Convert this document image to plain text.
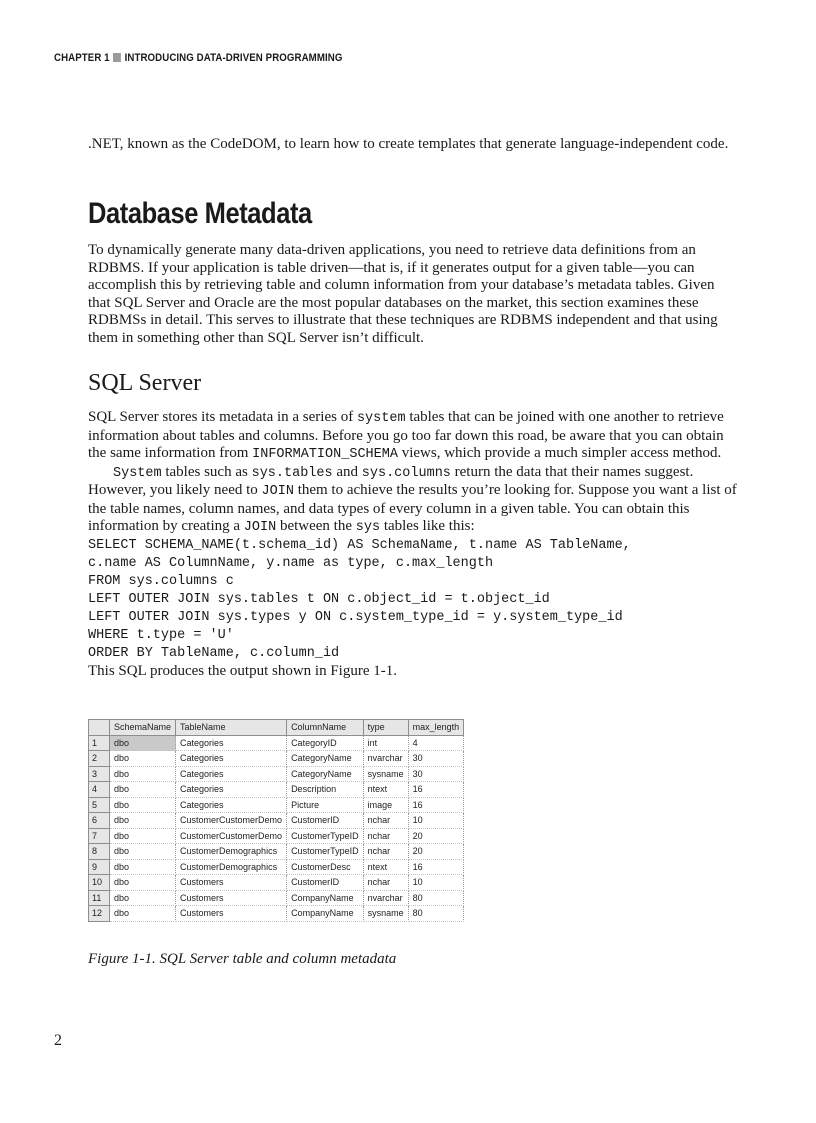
CHAPTER 1 INTRODUCING DATA-DRIVEN PROGRAMMING

.NET, known as the CodeDOM, to learn how to create templates that generate language-independent code.

Database Metadata

To dynamically generate many data-driven applications, you need to retrieve data definitions from an RDBMS. If your application is table driven—that is, if it generates output for a given table—you can accomplish this by retrieving table and column information from your database’s metadata tables. Given that SQL Server and Oracle are the most popular databases on the market, this section examines these RDBMSs in detail. This serves to illustrate that these techniques are RDBMS independent and that using them in something other than SQL Server isn’t difficult.

SQL Server

SQL Server stores its metadata in a series of system tables that can be joined with one another to retrieve information about tables and columns. Before you go too far down this road, be aware that you can obtain the same information from INFORMATION_SCHEMA views, which provide a much simpler access method.

System tables such as sys.tables and sys.columns return the data that their names suggest. However, you likely need to JOIN them to achieve the results you’re looking for. Suppose you want a list of the table names, column names, and data types of every column in a given table. You can obtain this information by creating a JOIN between the sys tables like this:

SELECT SCHEMA_NAME(t.schema_id) AS SchemaName, t.name AS TableName,
c.name AS ColumnName, y.name as type, c.max_length
FROM sys.columns c
LEFT OUTER JOIN sys.tables t ON c.object_id = t.object_id
LEFT OUTER JOIN sys.types y ON c.system_type_id = y.system_type_id
WHERE t.type = 'U'
ORDER BY TableName, c.column_id

This SQL produces the output shown in Figure 1-1.

	SchemaName	TableName	ColumnName	type	max_length
1	dbo	Categories	CategoryID	int	4
2	dbo	Categories	CategoryName	nvarchar	30
3	dbo	Categories	CategoryName	sysname	30
4	dbo	Categories	Description	ntext	16
5	dbo	Categories	Picture	image	16
6	dbo	CustomerCustomerDemo	CustomerID	nchar	10
7	dbo	CustomerCustomerDemo	CustomerTypeID	nchar	20
8	dbo	CustomerDemographics	CustomerTypeID	nchar	20
9	dbo	CustomerDemographics	CustomerDesc	ntext	16
10	dbo	Customers	CustomerID	nchar	10
11	dbo	Customers	CompanyName	nvarchar	80
12	dbo	Customers	CompanyName	sysname	80
Figure 1-1. SQL Server table and column metadata
2
